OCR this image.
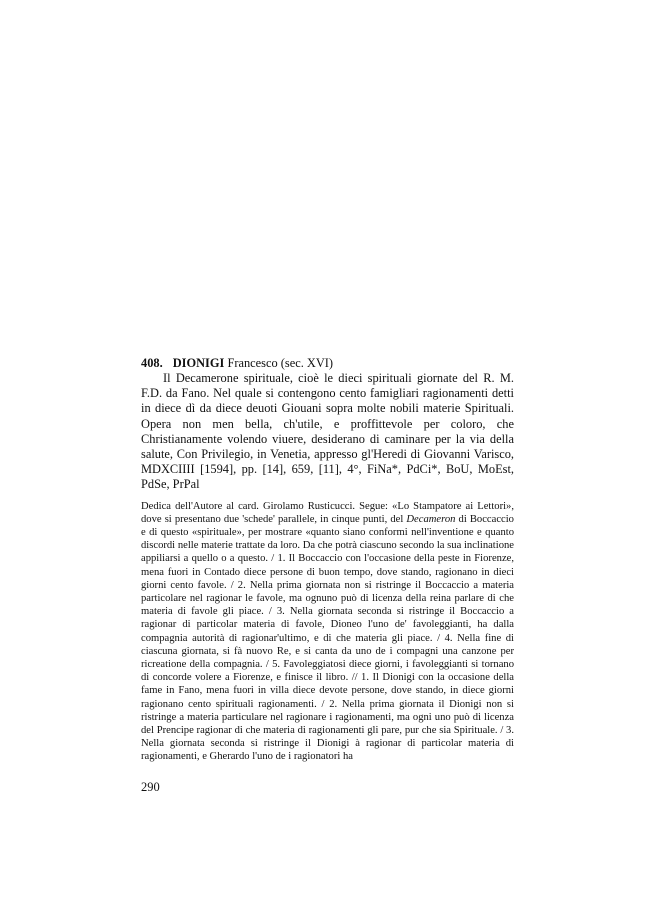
408. DIONIGI Francesco (sec. XVI)

Il Decamerone spirituale, cioè le dieci spirituali giornate del R. M. F.D. da Fano. Nel quale si contengono cento famigliari ragionamenti detti in diece dì da diece deuoti Giouani sopra molte nobili materie Spirituali. Opera non men bella, ch'utile, e proffittevole per coloro, che Christianamente volendo viuere, desiderano di caminare per la via della salute, Con Privilegio, in Venetia, appresso gl'Heredi di Giovanni Varisco, MDXCIIII [1594], pp. [14], 659, [11], 4°, FiNa*, PdCi*, BoU, MoEst, PdSe, PrPal

Dedica dell'Autore al card. Girolamo Rusticucci. Segue: «Lo Stampatore ai Lettori», dove si presentano due 'schede' parallele, in cinque punti, del Decameron di Boccaccio e di questo «spirituale», per mostrare «quanto siano conformi nell'inventione e quanto discordi nelle materie trattate da loro. Da che potrà ciascuno secondo la sua inclinatione appiliarsi a quello o a questo. / 1. Il Boccaccio con l'occasione della peste in Fiorenze, mena fuori in Contado diece persone di buon tempo, dove stando, ragionano in dieci giorni cento favole. / 2. Nella prima giornata non si ristringe il Boccaccio a materia particolare nel ragionar le favole, ma ognuno può di licenza della reina parlare di che materia di favole gli piace. / 3. Nella giornata seconda si ristringe il Boccaccio a ragionar di particolar materia di favole, Dioneo l'uno de' favoleggianti, ha dalla compagnia autorità di ragionar'ultimo, e di che materia gli piace. / 4. Nella fine di ciascuna giornata, si fà nuovo Re, e si canta da uno de i compagni una canzone per ricreatione della compagnia. / 5. Favoleggiatosi diece giorni, i favoleggianti si tornano di concorde volere a Fiorenze, e finisce il libro. // 1. Il Dionigi con la occasione della fame in Fano, mena fuori in villa diece devote persone, dove stando, in diece giorni ragionano cento spirituali ragionamenti. / 2. Nella prima giornata il Dionigi non si ristringe a materia particulare nel ragionare i ragionamenti, ma ogni uno può di licenza del Prencipe ragionar di che materia di ragionamenti gli pare, pur che sia Spirituale. / 3. Nella giornata seconda si ristringe il Dionigi à ragionar di particolar materia di ragionamenti, e Gherardo l'uno de i ragionatori ha

290
